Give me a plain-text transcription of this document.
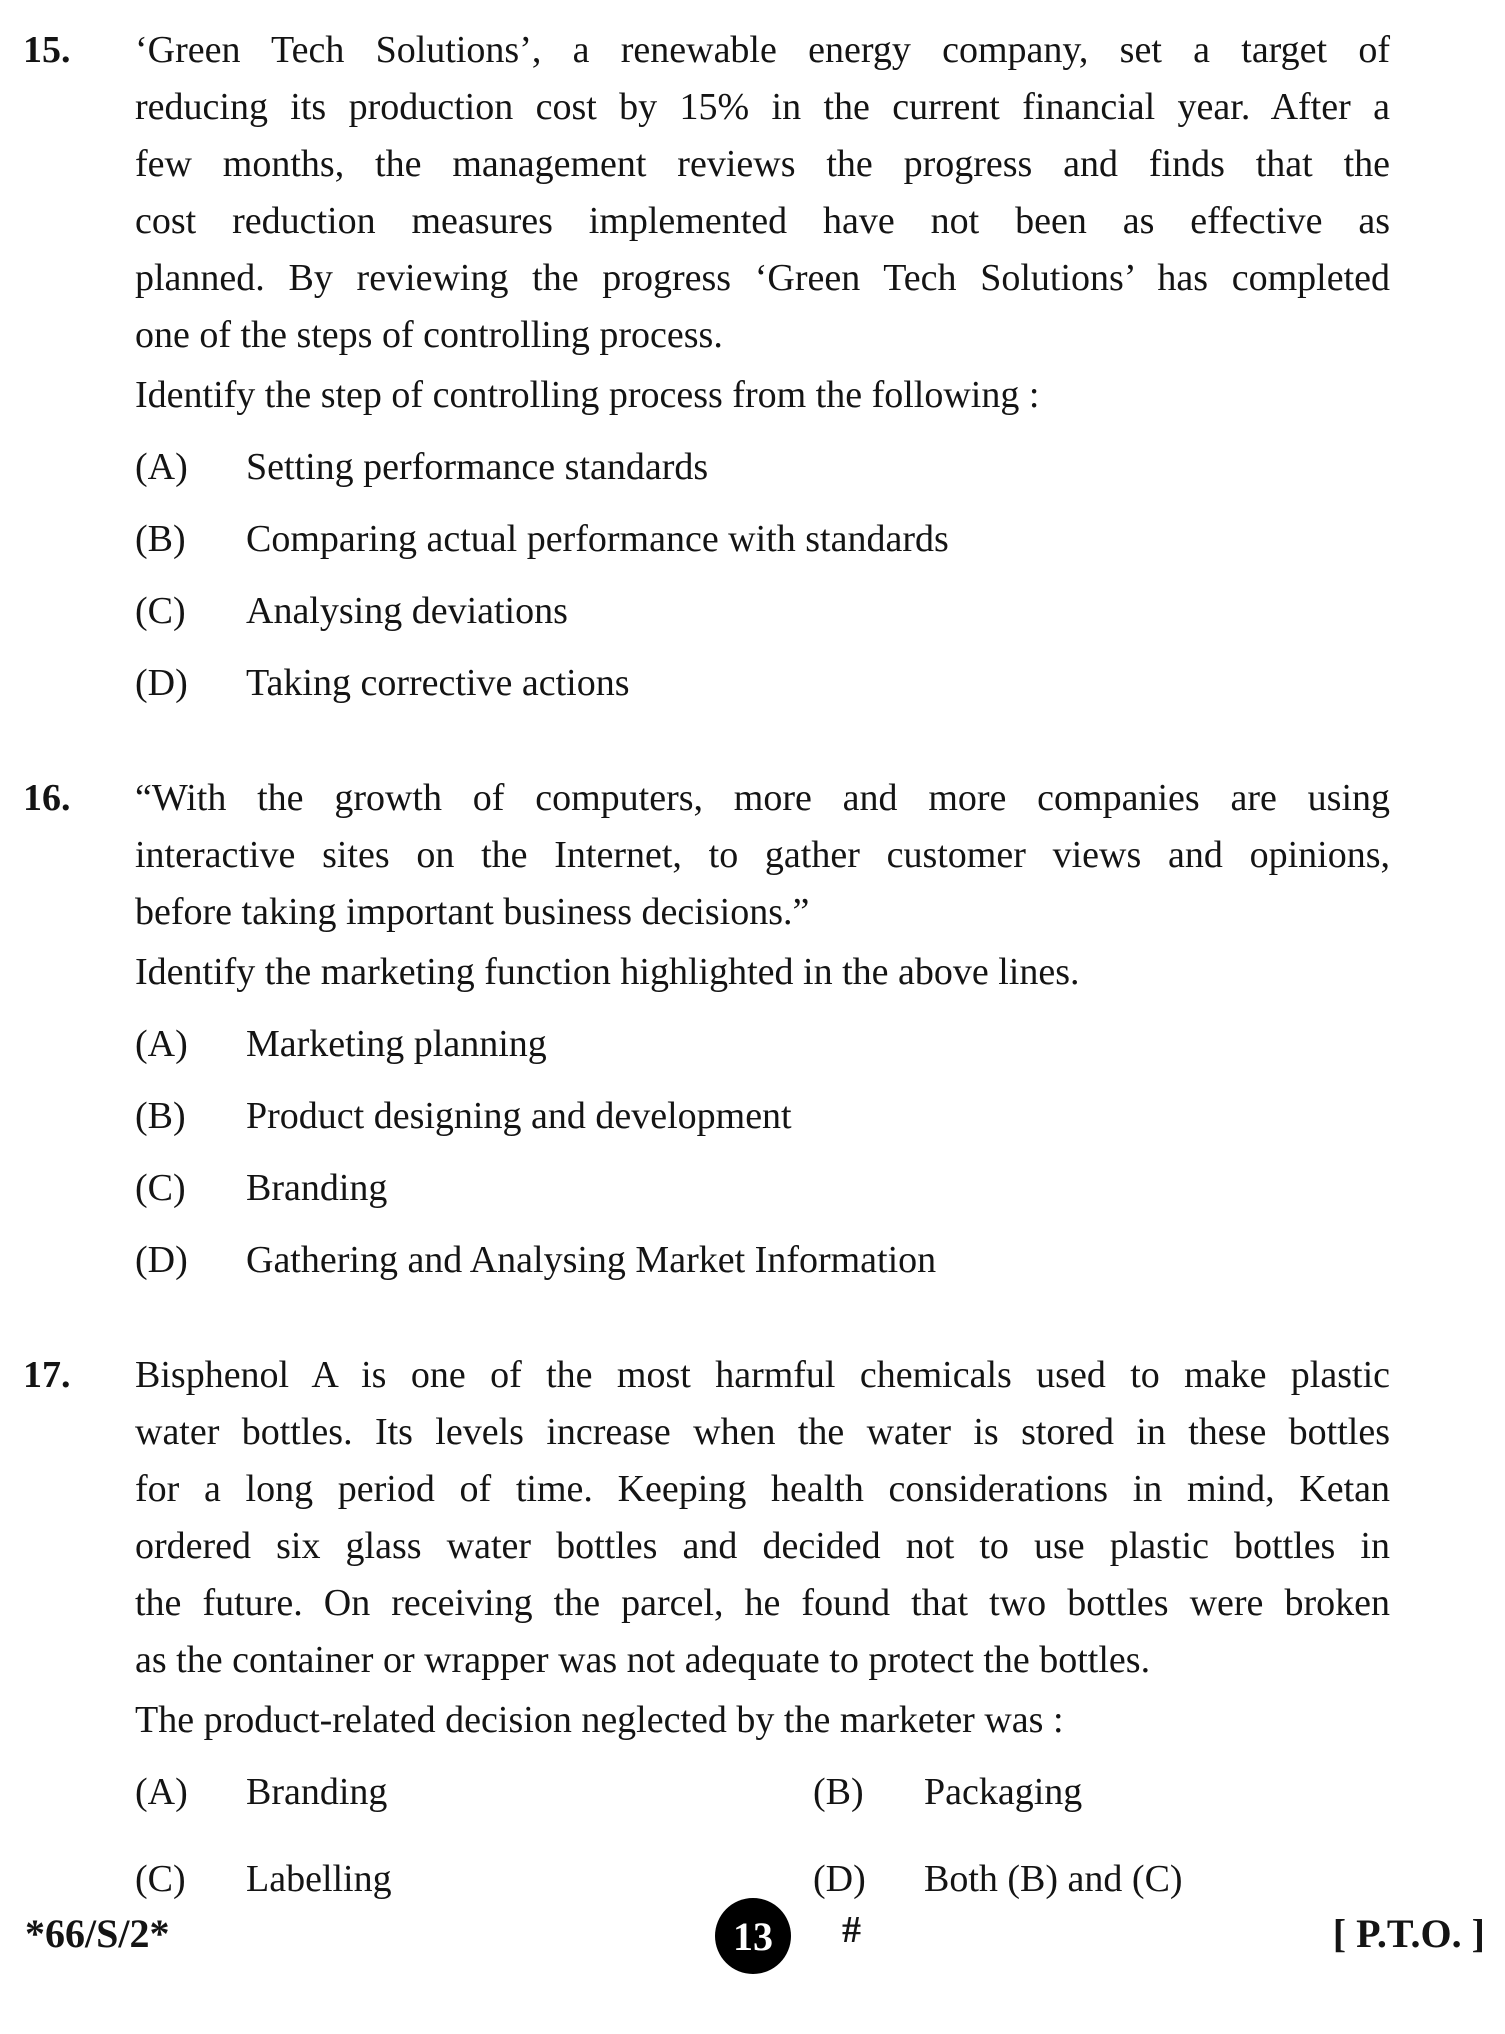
15. ‘Green Tech Solutions’, a renewable energy company, set a target of
reducing its production cost by 15% in the current financial year. After a
few months, the management reviews the progress and finds that the
cost reduction measures implemented have not been as effective as
planned. By reviewing the progress ‘Green Tech Solutions’ has completed
one of the steps of controlling process.
Identify the step of controlling process from the following :
(A)	Setting performance standards
(B)	Comparing actual performance with standards
(C)	Analysing deviations
(D)	Taking corrective actions
16. “With the growth of computers, more and more companies are using
interactive sites on the Internet, to gather customer views and opinions,
before taking important business decisions.”
Identify the marketing function highlighted in the above lines.
(A)	Marketing planning
(B)	Product designing and development
(C)	Branding
(D)	Gathering and Analysing Market Information
17. Bisphenol A is one of the most harmful chemicals used to make plastic
water bottles. Its levels increase when the water is stored in these bottles
for a long period of time. Keeping health considerations in mind, Ketan
ordered six glass water bottles and decided not to use plastic bottles in
the future. On receiving the parcel, he found that two bottles were broken
as the container or wrapper was not adequate to protect the bottles.
The product-related decision neglected by the marketer was :
(A)	Branding	(B)	Packaging
(C)	Labelling	(D)	Both (B) and (C)
*66/S/2*	13 #	[ P.T.O. ]
